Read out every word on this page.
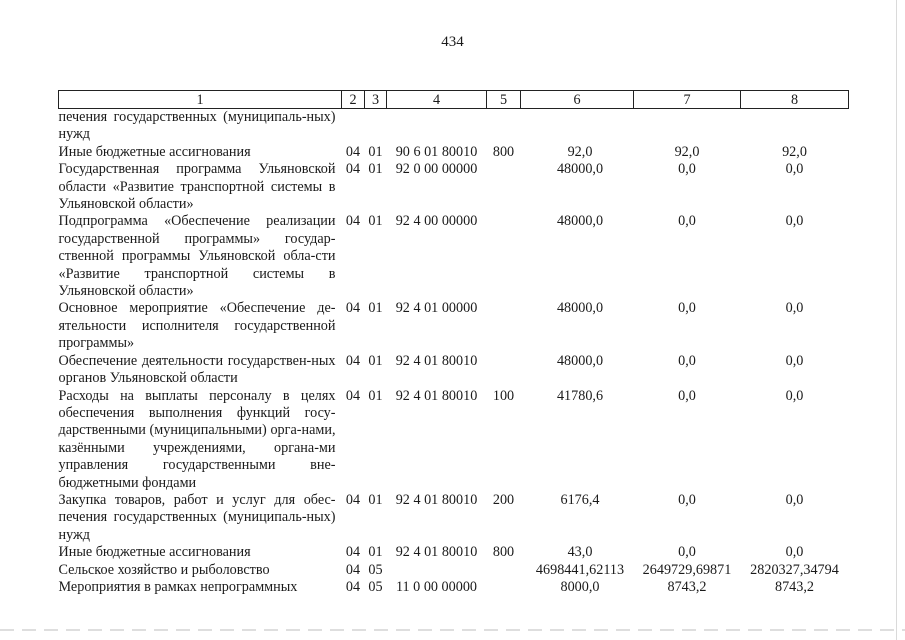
434
1	2	3	4	5	6	7	8
печения государственных (муниципаль-ных) нужд							
Иные бюджетные ассигнования	04	01	90 6 01 80010	800	92,0	92,0	92,0
Государственная программа Ульяновской области «Развитие транспортной системы в Ульяновской области»	04	01	92 0 00 00000		48000,0	0,0	0,0
Подпрограмма «Обеспечение реализации государственной программы» государ-ственной программы Ульяновской обла-сти «Развитие транспортной системы в Ульяновской области»	04	01	92 4 00 00000		48000,0	0,0	0,0
Основное мероприятие «Обеспечение де-ятельности исполнителя государственной программы»	04	01	92 4 01 00000		48000,0	0,0	0,0
Обеспечение деятельности государствен-ных органов Ульяновской области	04	01	92 4 01 80010		48000,0	0,0	0,0
Расходы на выплаты персоналу в целях обеспечения выполнения функций госу-дарственными (муниципальными) орга-нами, казёнными учреждениями, органа-ми управления государственными вне-бюджетными фондами	04	01	92 4 01 80010	100	41780,6	0,0	0,0
Закупка товаров, работ и услуг для обес-печения государственных (муниципаль-ных) нужд	04	01	92 4 01 80010	200	6176,4	0,0	0,0
Иные бюджетные ассигнования	04	01	92 4 01 80010	800	43,0	0,0	0,0
Сельское хозяйство и рыболовство	04	05			4698441,62113	2649729,69871	2820327,34794
Мероприятия в рамках непрограммных	04	05	11 0 00 00000		8000,0	8743,2	8743,2
